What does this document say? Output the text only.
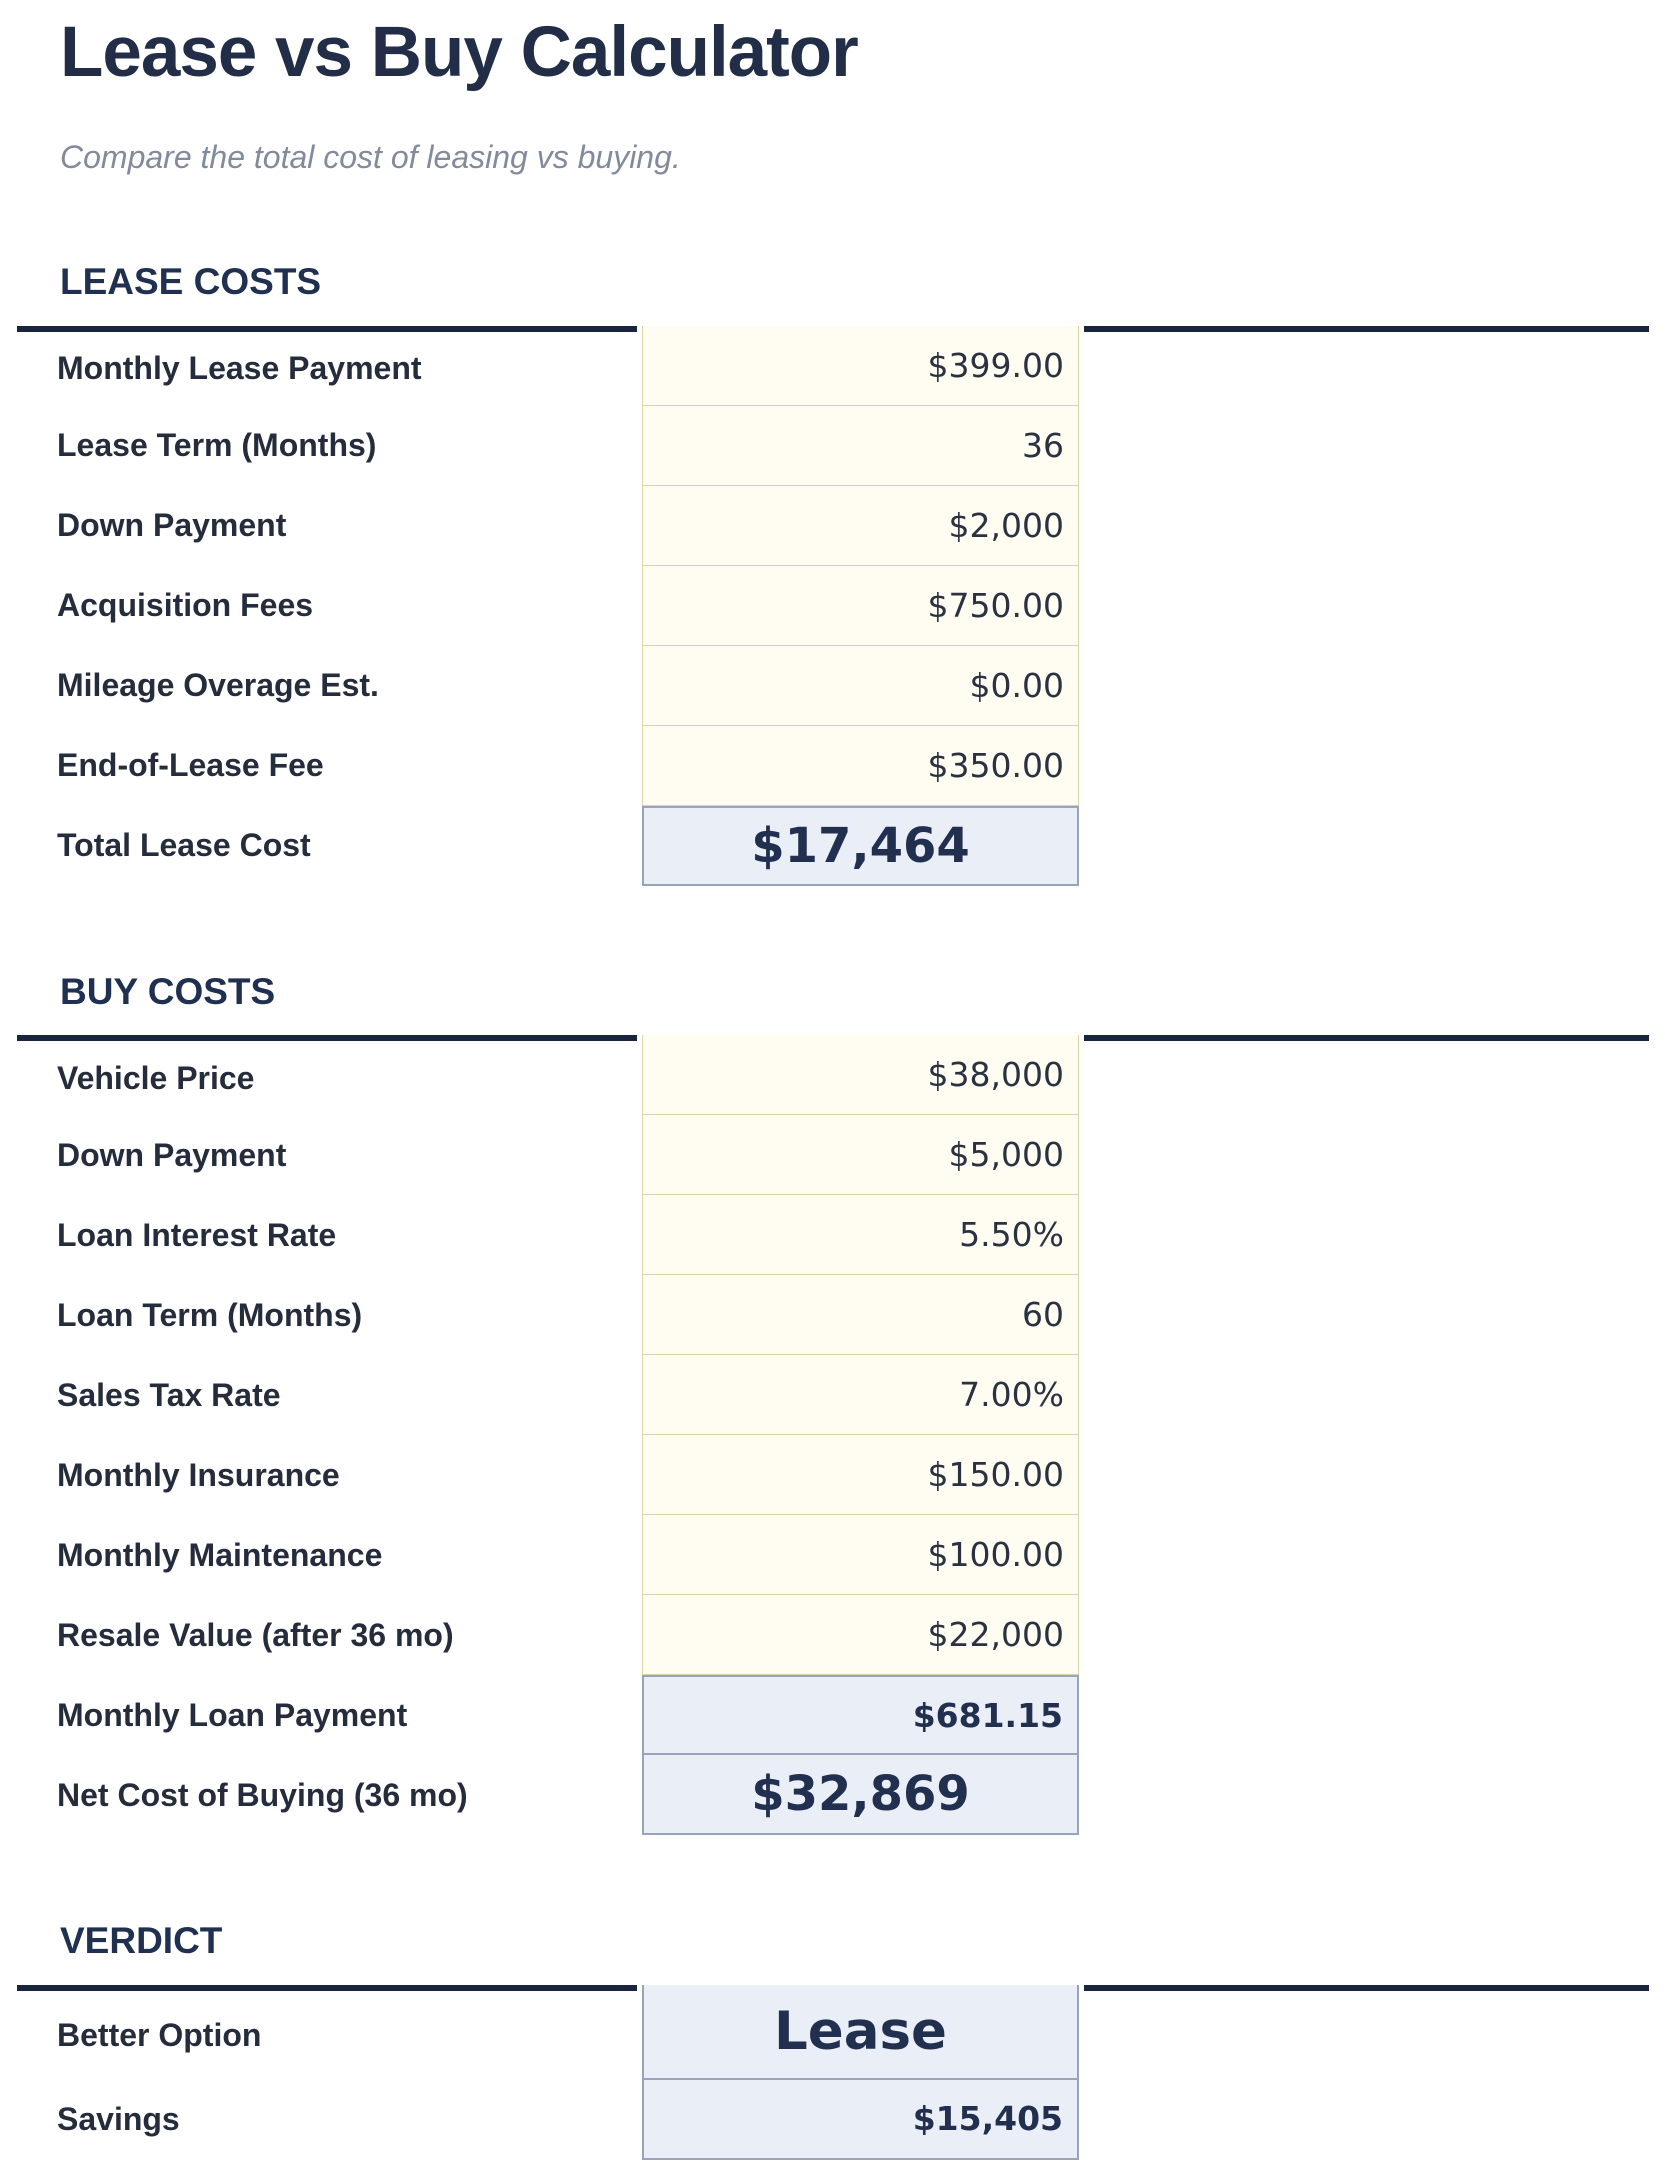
Lease vs Buy Calculator

Compare the total cost of leasing vs buying.

LEASE COSTS
Monthly Lease Payment	$399.00
Lease Term (Months)	36
Down Payment	$2,000
Acquisition Fees	$750.00
Mileage Overage Est.	$0.00
End-of-Lease Fee	$350.00
Total Lease Cost	$17,464
BUY COSTS
Vehicle Price	$38,000
Down Payment	$5,000
Loan Interest Rate	5.50%
Loan Term (Months)	60
Sales Tax Rate	7.00%
Monthly Insurance	$150.00
Monthly Maintenance	$100.00
Resale Value (after 36 mo)	$22,000
Monthly Loan Payment	$681.15
Net Cost of Buying (36 mo)	$32,869
VERDICT
Better Option	Lease
Savings	$15,405
